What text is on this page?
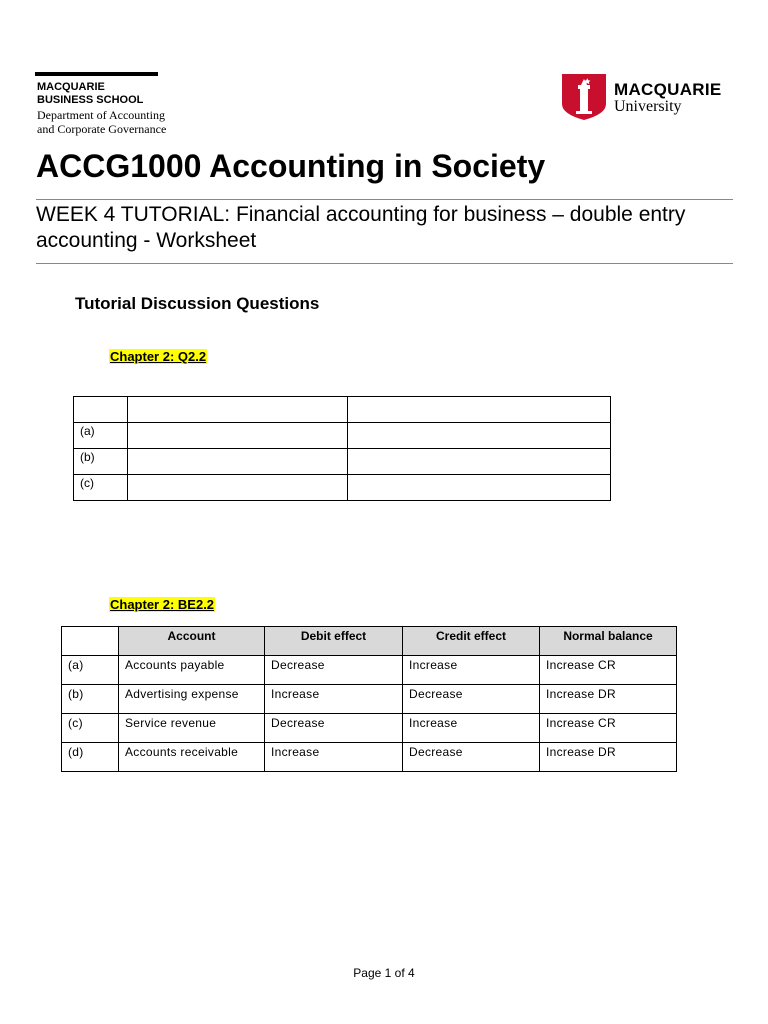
MACQUARIE
BUSINESS SCHOOL
Department of Accounting
and Corporate Governance
MACQUARIE
University
ACCG1000 Accounting in Society
WEEK 4 TUTORIAL: Financial accounting for business – double entry accounting - Worksheet
Tutorial Discussion Questions
Chapter 2: Q2.2

(a)		
(b)		
(c)		
Chapter 2: BE2.2
	Account	Debit effect	Credit effect	Normal balance
(a)	Accounts payable	Decrease	Increase	Increase CR
(b)	Advertising expense	Increase	Decrease	Increase DR
(c)	Service revenue	Decrease	Increase	Increase CR
(d)	Accounts receivable	Increase	Decrease	Increase DR
Page 1 of 4
